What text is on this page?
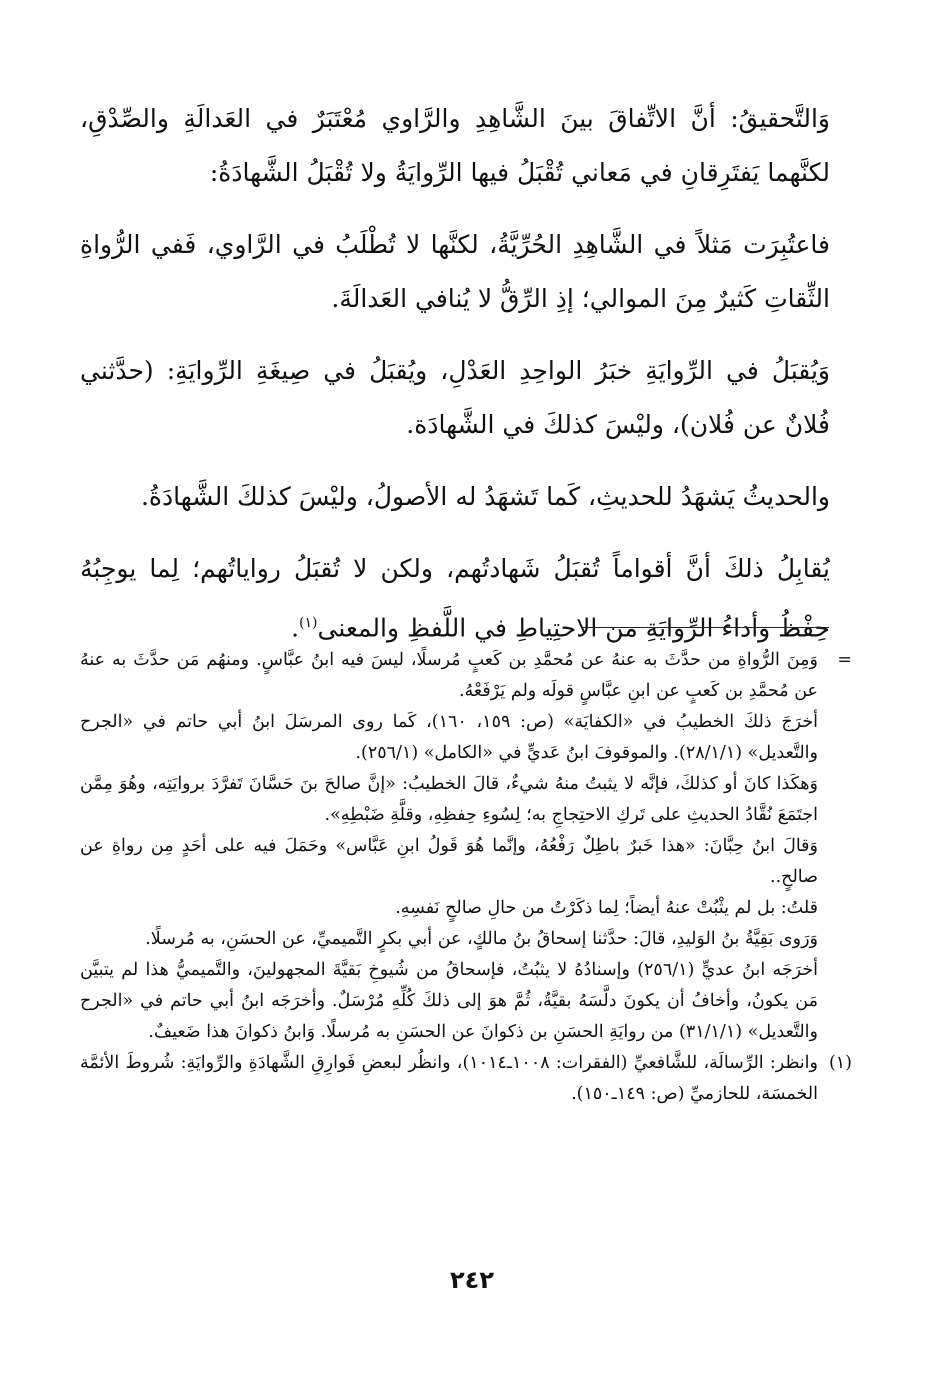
وَالتَّحقيقُ: أنَّ الاتِّفاقَ بينَ الشَّاهِدِ والرَّاوي مُعْتَبَرٌ في العَدالَةِ والصِّدْقِ، لكنَّهما يَفتَرِقانِ في مَعاني تُقْبَلُ فيها الرِّوايَةُ ولا تُقْبَلُ الشَّهادَةُ:

فاعتُبِرَت مَثلاً في الشَّاهِدِ الحُرِّيَّةُ، لكنَّها لا تُطْلَبُ في الرَّاوي، فَفي الرُّواةِ الثِّقاتِ كَثيرٌ مِنَ الموالي؛ إذِ الرِّقُّ لا يُنافي العَدالَةَ.

وَيُقبَلُ في الرِّوايَةِ خبَرُ الواحِدِ العَدْلِ، ويُقبَلُ في صِيغَةِ الرِّوايَةِ: (حدَّثني فُلانٌ عن فُلان)، وليْسَ كذلكَ في الشَّهادَة.

والحديثُ يَشهَدُ للحديثِ، كَما تَشهَدُ له الأصولُ، وليْسَ كذلكَ الشَّهادَةُ.

يُقابِلُ ذلكَ أنَّ أقواماً تُقبَلُ شَهادتُهم، ولكن لا تُقبَلُ رواياتُهم؛ لِما يوجِبُهُ حِفْظُ وأداءُ الرِّوايَةِ من الاحتِياطِ في اللَّفظِ والمعنى$^{(١)}$.

=
وَمِنَ الرُّواةِ من حدَّثَ به عنهُ عن مُحمَّدِ بن كَعبٍ مُرسلًا، ليسَ فيه ابنُ عبَّاسٍ. ومنهُم مَن حدَّثَ به عنهُ عن مُحمَّدِ بن كَعبٍ عن ابنِ عبَّاسٍ قولَه ولم يَرْفَعْهُ.

أخرَجَ ذلكَ الخطيبُ في «الكفايَة» (ص: ١٥٩، ١٦٠)، كَما روى المرسَلَ ابنُ أبي حاتم في «الجرح والتَّعديل» (٢٨/١/١). والموقوفَ ابنُ عَديٍّ في «الكامل» (٢٥٦/١).

وَهكَذا كانَ أو كذلكَ، فإنَّه لا يثبتُ منهُ شيءٌ، قالَ الخطيبُ: «إنَّ صالحَ بنَ حَسَّانَ تَفرَّدَ بروايَتِه، وهُوَ مِمَّن اجتَمَعَ نُقَّادُ الحديثِ على تَركِ الاحتِجاجِ به؛ لِسُوءِ حِفظِهِ، وقلَّةِ ضَبْطِهِ».

وَقالَ ابنُ حِبَّانَ: «هذا خَبرٌ باطِلٌ رَفْعُهُ، وإنَّما هُوَ قَولُ ابنِ عَبَّاس» وحَمَلَ فيه على أحَدٍ مِن رواةِ عن صالحٍ..

قلتُ: بل لم يثْبُتْ عنهُ أيضاً؛ لِما ذكَرْتُ من حالِ صالحٍ نَفسِهِ.

وَرَوى بَقِيَّةُ بنُ الوَليدِ، قالَ: حدَّثنا إسحاقُ بنُ مالكٍ، عن أبي بكرٍ التَّميميِّ، عن الحسَنِ، به مُرسلًا.

أخرَجَه ابنُ عديٍّ (٢٥٦/١) وإسنادُهُ لا يثبُتُ، فإسحاقُ من شُيوخِ بَقيَّةَ المجهولينَ، والتَّميميُّ هذا لم يتبيَّن مَن يكونُ، وأخافُ أن يكونَ دلَّسَهُ بقيَّةُ، ثُمَّ هوَ إلى ذلكَ كُلِّهِ مُرْسَلٌ. وأخرَجَه ابنُ أبي حاتم في «الجرح والتَّعديل» (٣١/١/١) من روايَةِ الحسَنِ بن ذكوانَ عن الحسَنِ به مُرسلًا. وَابنُ ذكوانَ هذا ضَعيفٌ.

(١)
وانظر: الرِّسالَة، للشَّافعيِّ (الفقرات: ١٠٠٨ـ١٠١٤)، وانظُر لبعضِ فَوارِقِ الشَّهادَةِ والرِّوايَةِ: شُروطَ الأئمَّة الخمسَة، للحازميِّ (ص: ١٤٩ـ١٥٠).

٢٤٢
